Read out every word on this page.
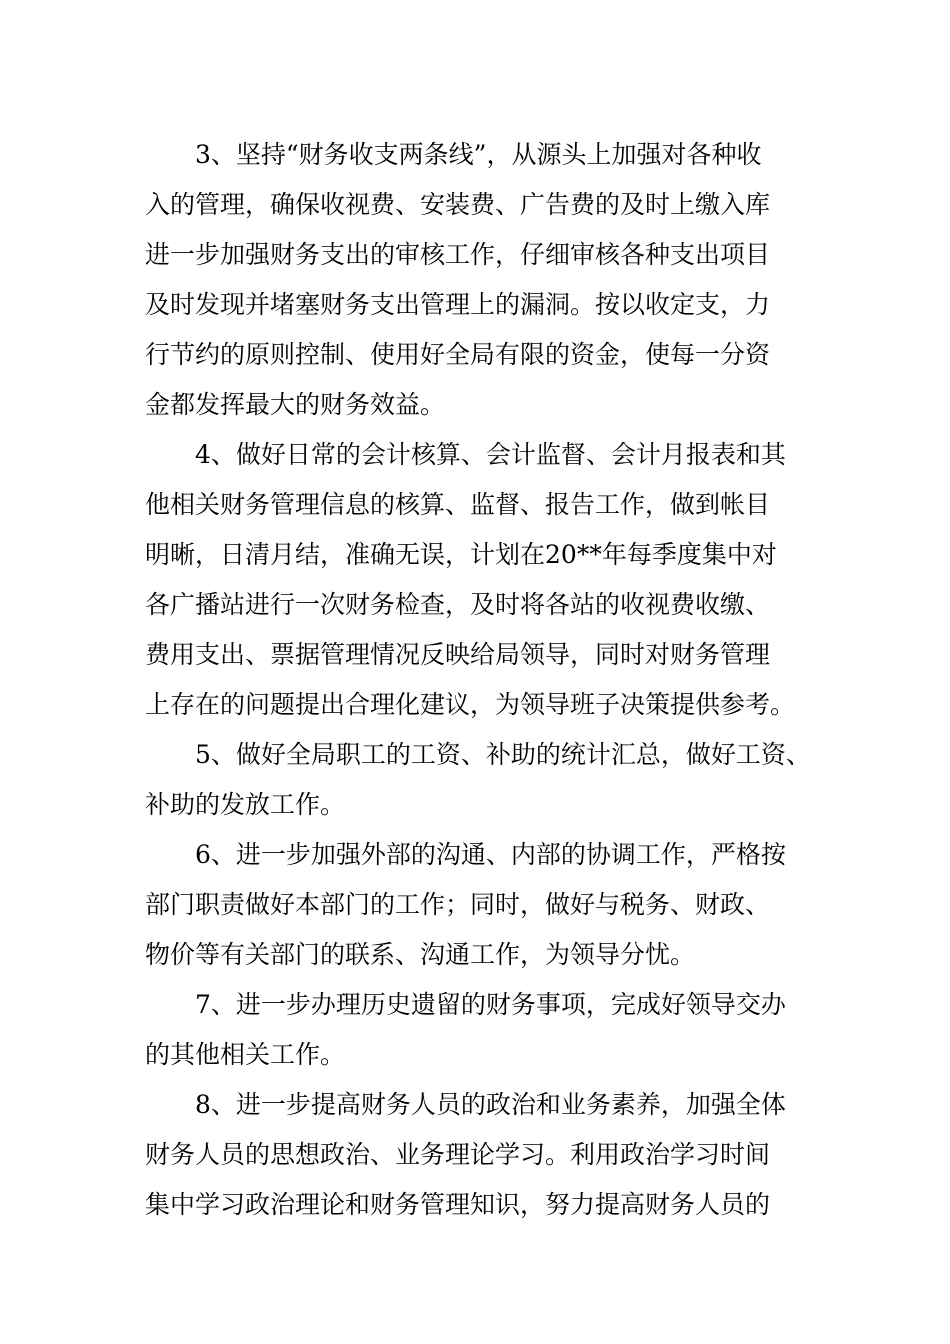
3、坚持“财务收支两条线”，从源头上加强对各种收
入的管理，确保收视费、安装费、广告费的及时上缴入库
进一步加强财务支出的审核工作，仔细审核各种支出项目
及时发现并堵塞财务支出管理上的漏洞。按以收定支，力
行节约的原则控制、使用好全局有限的资金，使每一分资
金都发挥最大的财务效益。
4、做好日常的会计核算、会计监督、会计月报表和其
他相关财务管理信息的核算、监督、报告工作，做到帐目
明晰，日清月结，准确无误，计划在20**年每季度集中对
各广播站进行一次财务检查，及时将各站的收视费收缴、
费用支出、票据管理情况反映给局领导，同时对财务管理
上存在的问题提出合理化建议，为领导班子决策提供参考。
5、做好全局职工的工资、补助的统计汇总，做好工资、
补助的发放工作。
6、进一步加强外部的沟通、内部的协调工作，严格按
部门职责做好本部门的工作；同时，做好与税务、财政、
物价等有关部门的联系、沟通工作，为领导分忧。
7、进一步办理历史遗留的财务事项，完成好领导交办
的其他相关工作。
8、进一步提高财务人员的政治和业务素养，加强全体
财务人员的思想政治、业务理论学习。利用政治学习时间
集中学习政治理论和财务管理知识，努力提高财务人员的
